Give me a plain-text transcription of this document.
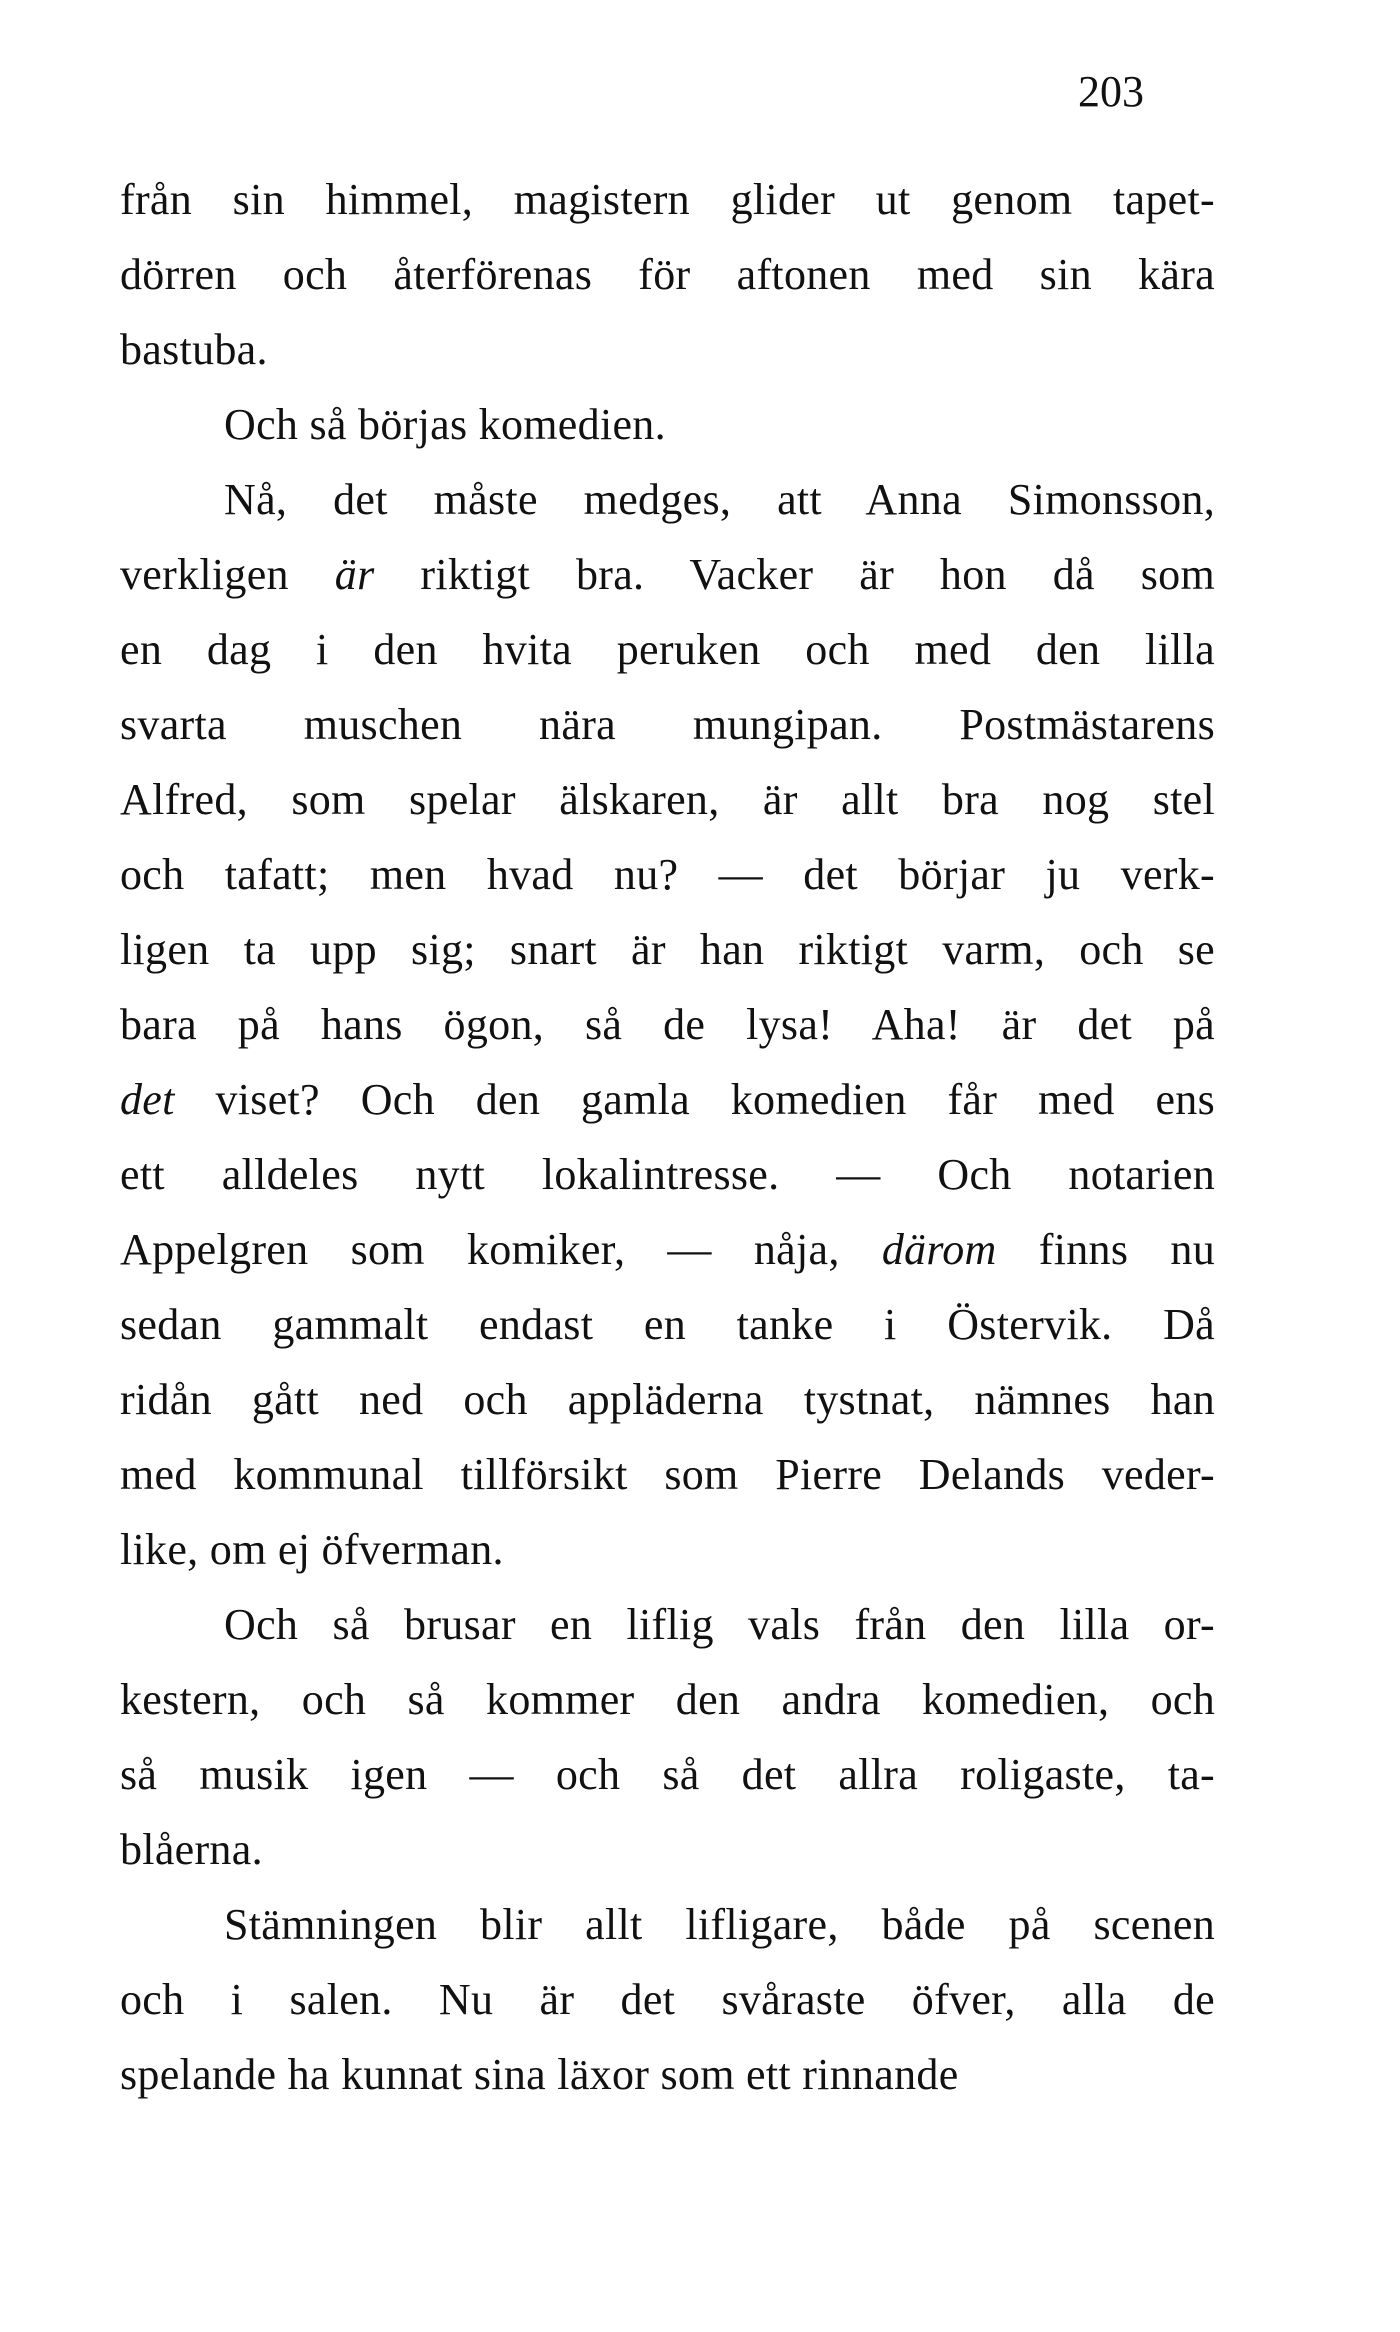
203
från sin himmel, magistern glider ut genom tapet-
dörren och återförenas för aftonen med sin kära
bastuba.
Och så börjas komedien.
Nå, det måste medges, att Anna Simonsson,
verkligen är riktigt bra. Vacker är hon då som
en dag i den hvita peruken och med den lilla
svarta muschen nära mungipan. Postmästarens
Alfred, som spelar älskaren, är allt bra nog stel
och tafatt; men hvad nu? — det börjar ju verk-
ligen ta upp sig; snart är han riktigt varm, och se
bara på hans ögon, så de lysa! Aha! är det på
det viset? Och den gamla komedien får med ens
ett alldeles nytt lokalintresse. — Och notarien
Appelgren som komiker, — nåja, därom finns nu
sedan gammalt endast en tanke i Östervik. Då
ridån gått ned och appläderna tystnat, nämnes han
med kommunal tillförsikt som Pierre Delands veder-
like, om ej öfverman.
Och så brusar en liflig vals från den lilla or-
kestern, och så kommer den andra komedien, och
så musik igen — och så det allra roligaste, ta-
blåerna.
Stämningen blir allt lifligare, både på scenen
och i salen. Nu är det svåraste öfver, alla de
spelande ha kunnat sina läxor som ett rinnande
